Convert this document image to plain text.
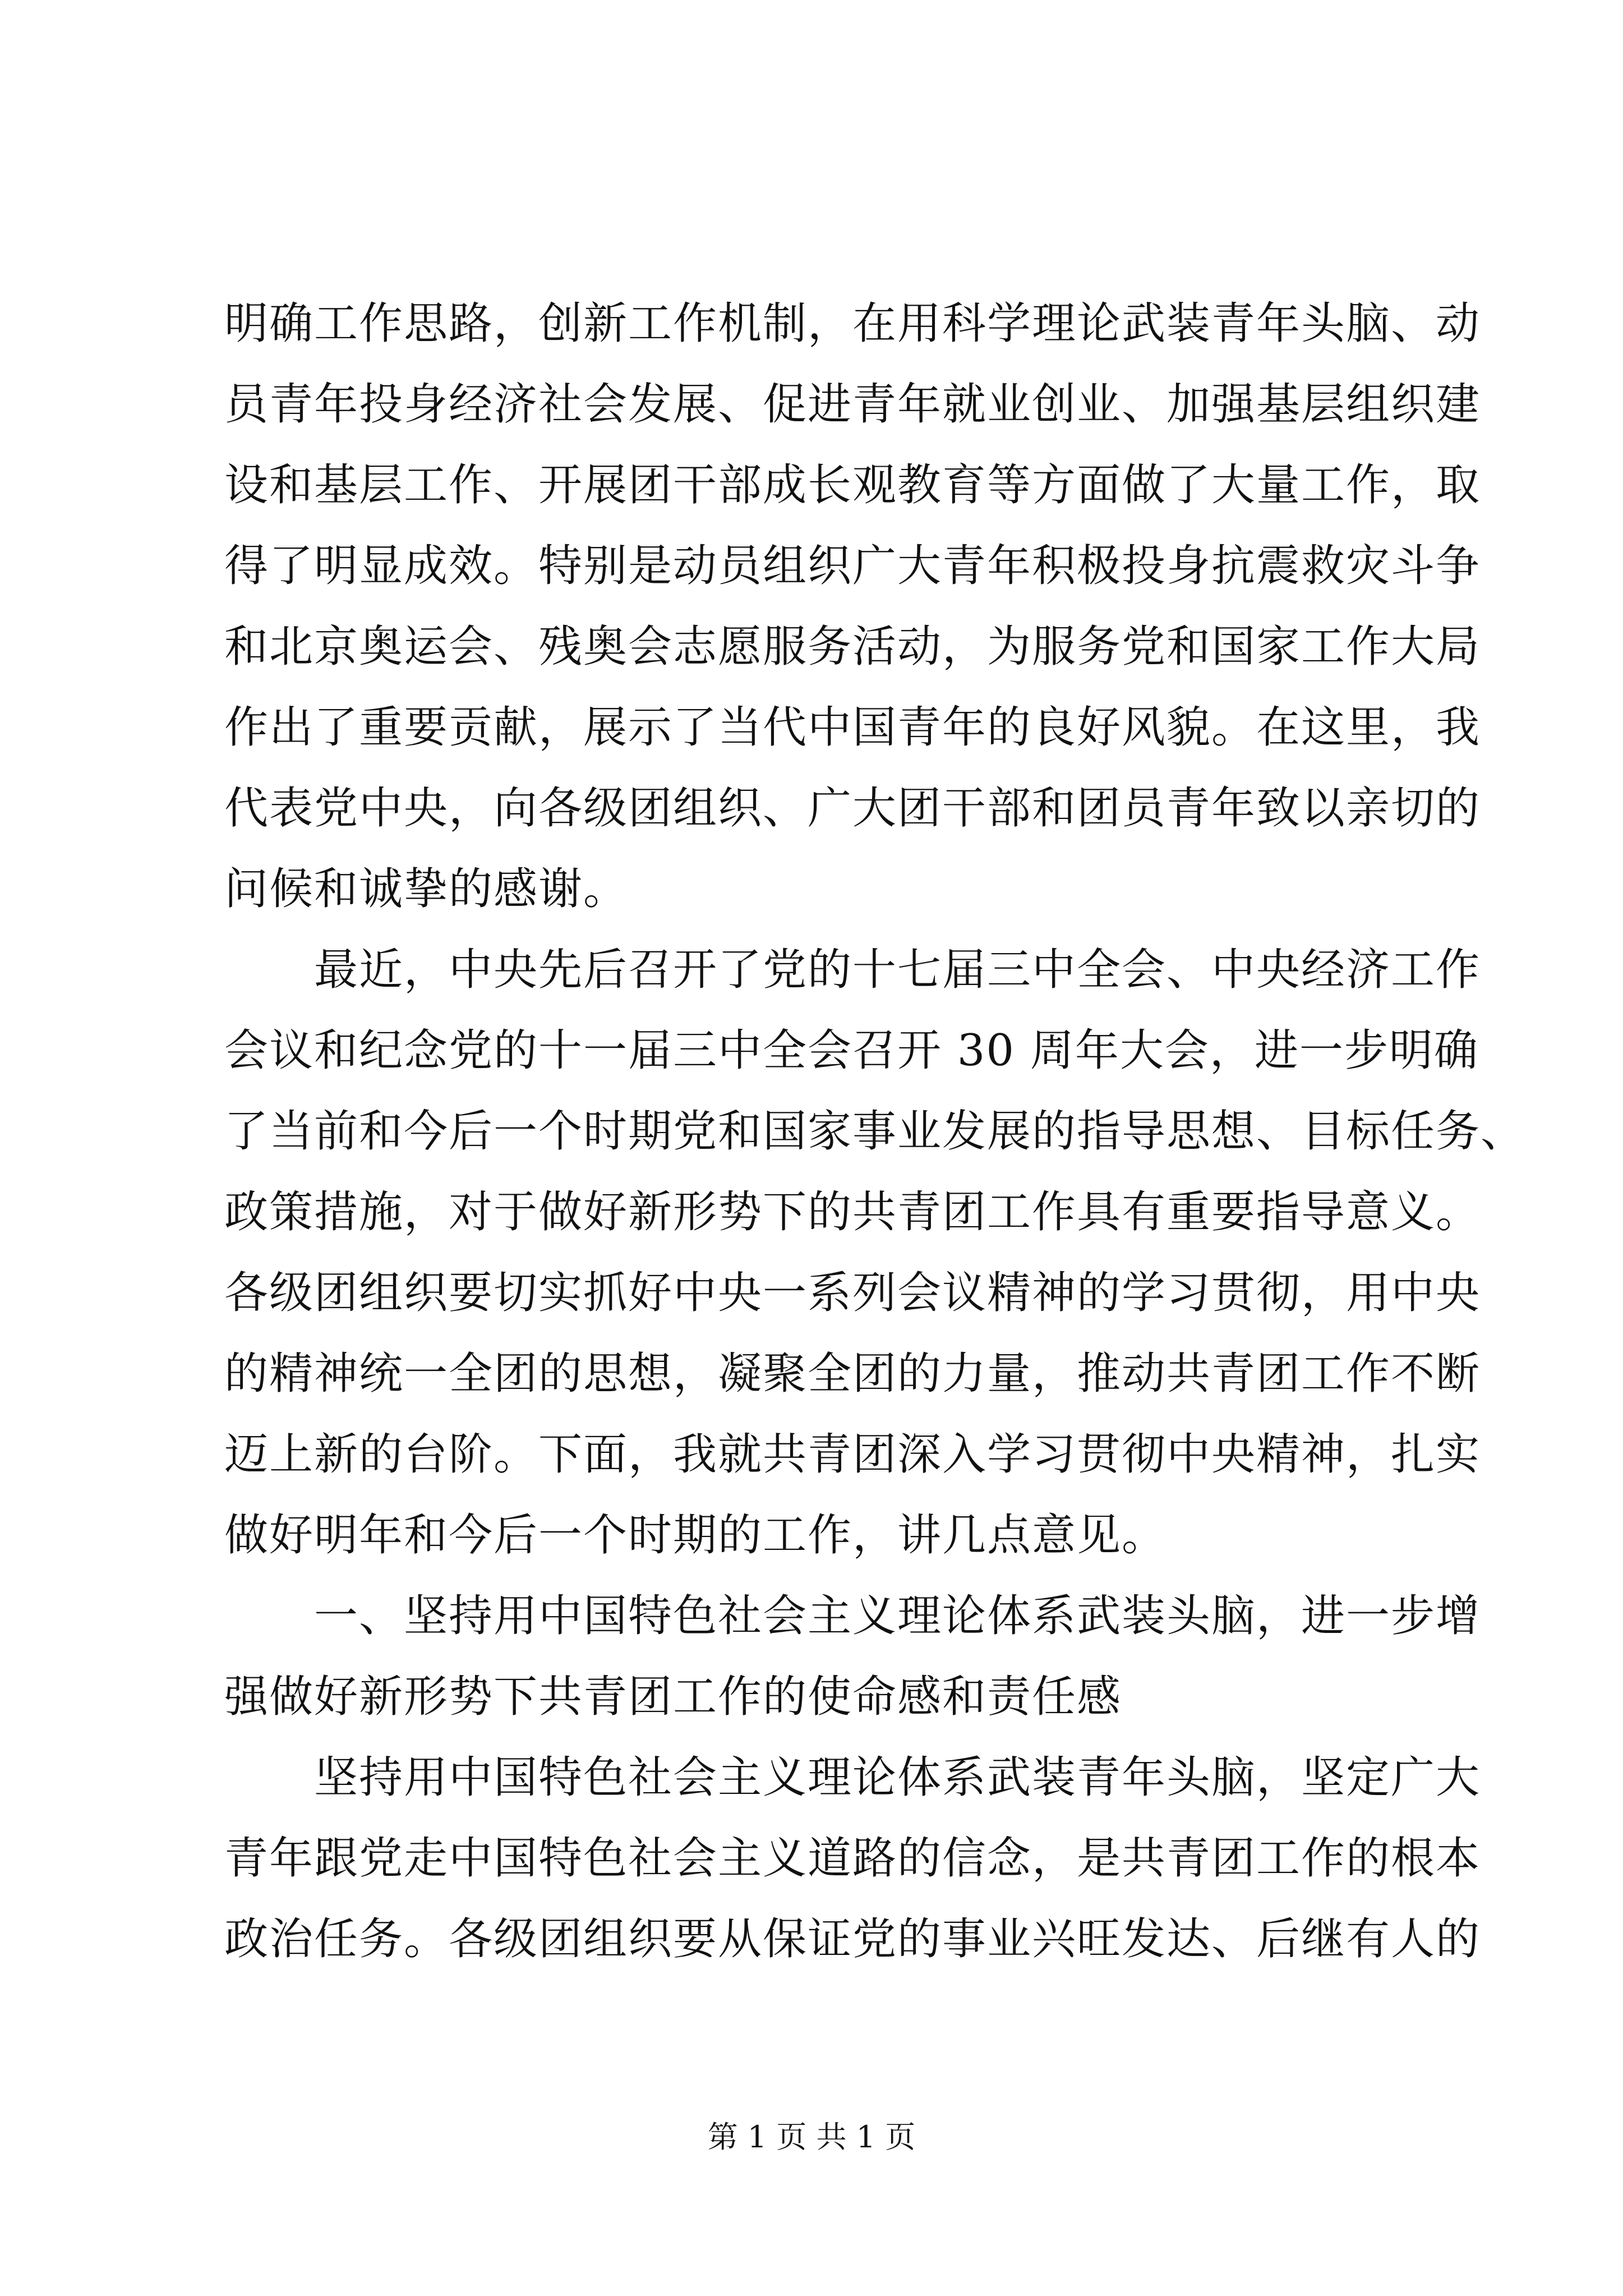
明确工作思路，创新工作机制，在用科学理论武装青年头脑、动
员青年投身经济社会发展、促进青年就业创业、加强基层组织建
设和基层工作、开展团干部成长观教育等方面做了大量工作，取
得了明显成效。特别是动员组织广大青年积极投身抗震救灾斗争
和北京奥运会、残奥会志愿服务活动，为服务党和国家工作大局
作出了重要贡献，展示了当代中国青年的良好风貌。在这里，我
代表党中央，向各级团组织、广大团干部和团员青年致以亲切的
问候和诚挚的感谢。
最近，中央先后召开了党的十七届三中全会、中央经济工作
会议和纪念党的十一届三中全会召开 30 周年大会，进一步明确
了当前和今后一个时期党和国家事业发展的指导思想、目标任务、
政策措施，对于做好新形势下的共青团工作具有重要指导意义。
各级团组织要切实抓好中央一系列会议精神的学习贯彻，用中央
的精神统一全团的思想，凝聚全团的力量，推动共青团工作不断
迈上新的台阶。下面，我就共青团深入学习贯彻中央精神，扎实
做好明年和今后一个时期的工作，讲几点意见。
一、坚持用中国特色社会主义理论体系武装头脑，进一步增
强做好新形势下共青团工作的使命感和责任感
坚持用中国特色社会主义理论体系武装青年头脑，坚定广大
青年跟党走中国特色社会主义道路的信念，是共青团工作的根本
政治任务。各级团组织要从保证党的事业兴旺发达、后继有人的
第 1 页 共 1 页
